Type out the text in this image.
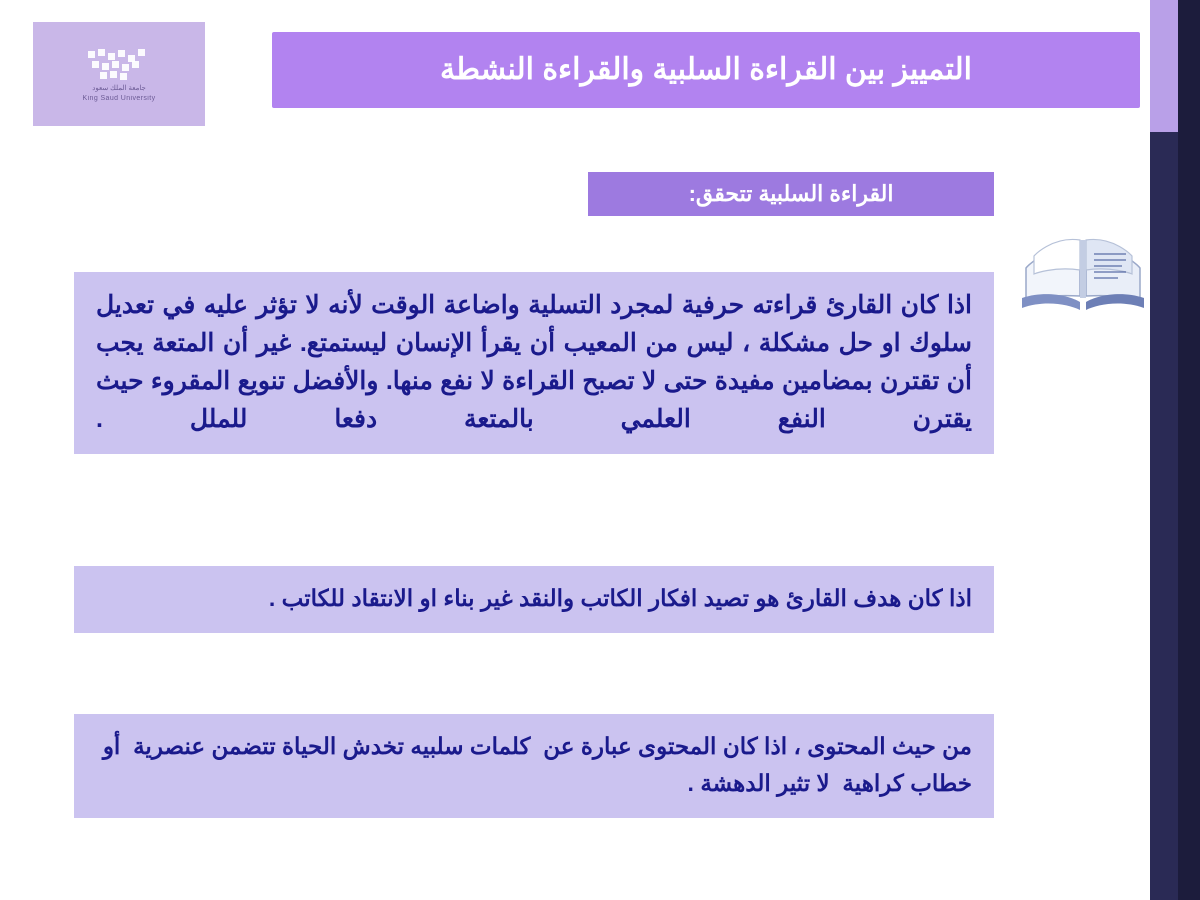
جامعة الملك سعود
King Saud University
التمييز بين القراءة السلبية والقراءة النشطة
القراءة السلبية تتحقق:
اذا كان القارئ قراءته حرفية لمجرد التسلية واضاعة الوقت لأنه لا تؤثر عليه في تعديل سلوك او حل مشكلة ، ليس من المعيب أن يقرأ الإنسان ليستمتع. غير أن المتعة يجب أن تقترن بمضامين مفيدة حتى لا تصبح القراءة لا نفع منها. والأفضل تنويع المقروء حيث يقترن النفع العلمي بالمتعة دفعا للملل .
اذا كان هدف القارئ هو تصيد افكار الكاتب والنقد غير بناء او الانتقاد للكاتب .
من حيث المحتوى ، اذا كان المحتوى عبارة عن  كلمات سلبيه تخدش الحياة تتضمن عنصرية  أو خطاب كراهية  لا تثير الدهشة .
